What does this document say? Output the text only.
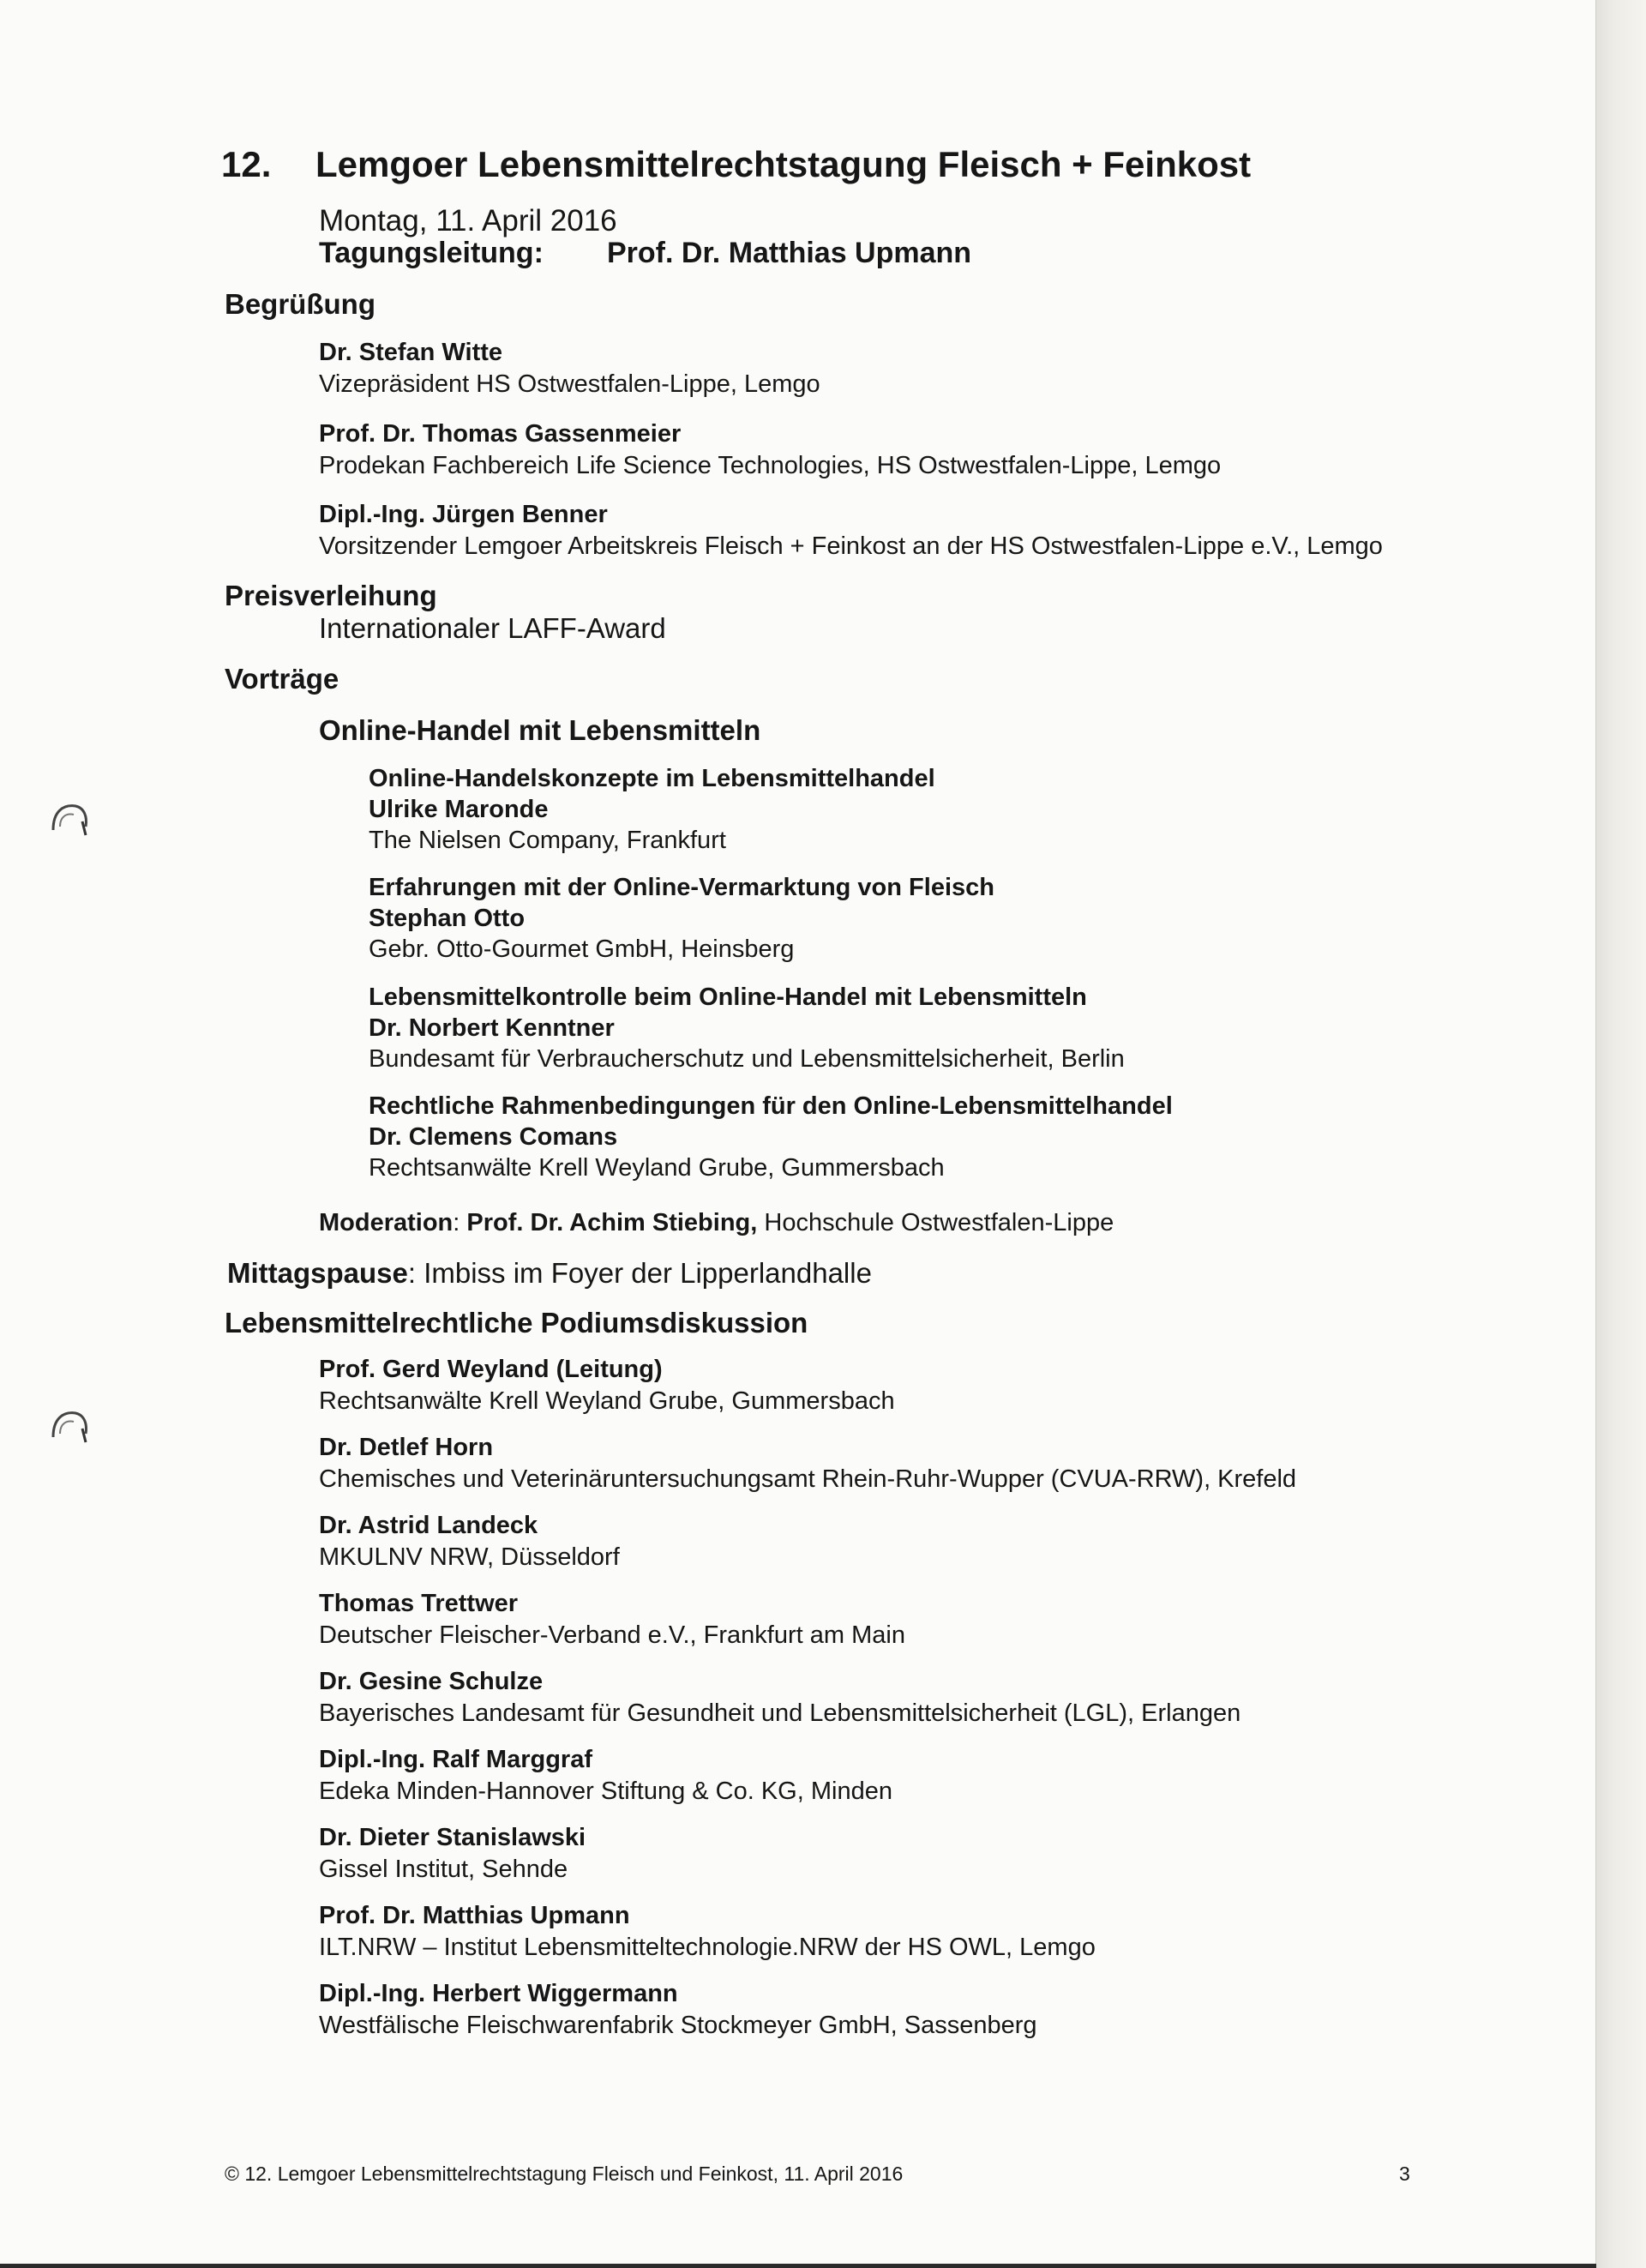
12. Lemgoer Lebensmittelrechtstagung Fleisch + Feinkost
Montag, 11. April 2016
Tagungsleitung: Prof. Dr. Matthias Upmann
Begrüßung
Dr. Stefan Witte
Vizepräsident HS Ostwestfalen-Lippe, Lemgo
Prof. Dr. Thomas Gassenmeier
Prodekan Fachbereich Life Science Technologies, HS Ostwestfalen-Lippe, Lemgo
Dipl.-Ing. Jürgen Benner
Vorsitzender Lemgoer Arbeitskreis Fleisch + Feinkost an der HS Ostwestfalen-Lippe e.V., Lemgo
Preisverleihung
Internationaler LAFF-Award
Vorträge
Online-Handel mit Lebensmitteln
Online-Handelskonzepte im Lebensmittelhandel
Ulrike Maronde
The Nielsen Company, Frankfurt
Erfahrungen mit der Online-Vermarktung von Fleisch
Stephan Otto
Gebr. Otto-Gourmet GmbH, Heinsberg
Lebensmittelkontrolle beim Online-Handel mit Lebensmitteln
Dr. Norbert Kenntner
Bundesamt für Verbraucherschutz und Lebensmittelsicherheit, Berlin
Rechtliche Rahmenbedingungen für den Online-Lebensmittelhandel
Dr. Clemens Comans
Rechtsanwälte Krell Weyland Grube, Gummersbach
Moderation: Prof. Dr. Achim Stiebing, Hochschule Ostwestfalen-Lippe
Mittagspause: Imbiss im Foyer der Lipperlandhalle
Lebensmittelrechtliche Podiumsdiskussion
Prof. Gerd Weyland (Leitung)
Rechtsanwälte Krell Weyland Grube, Gummersbach
Dr. Detlef Horn
Chemisches und Veterinäruntersuchungsamt Rhein-Ruhr-Wupper (CVUA-RRW), Krefeld
Dr. Astrid Landeck
MKULNV NRW, Düsseldorf
Thomas Trettwer
Deutscher Fleischer-Verband e.V., Frankfurt am Main
Dr. Gesine Schulze
Bayerisches Landesamt für Gesundheit und Lebensmittelsicherheit (LGL), Erlangen
Dipl.-Ing. Ralf Marggraf
Edeka Minden-Hannover Stiftung & Co. KG, Minden
Dr. Dieter Stanislawski
Gissel Institut, Sehnde
Prof. Dr. Matthias Upmann
ILT.NRW – Institut Lebensmitteltechnologie.NRW der HS OWL, Lemgo
Dipl.-Ing. Herbert Wiggermann
Westfälische Fleischwarenfabrik Stockmeyer GmbH, Sassenberg
© 12. Lemgoer Lebensmittelrechtstagung Fleisch und Feinkost, 11. April 2016	3
